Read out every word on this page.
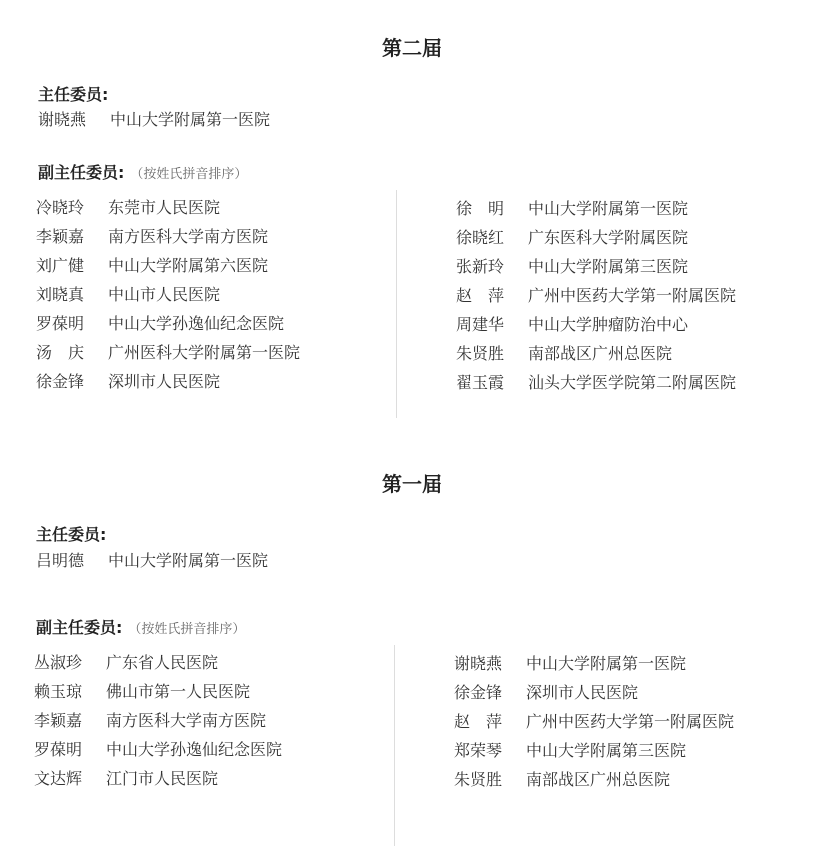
第二届
主任委员:
谢晓燕 中山大学附属第一医院
副主任委员: （按姓氏拼音排序）
冷晓玲 东莞市人民医院
李颖嘉 南方医科大学南方医院
刘广健 中山大学附属第六医院
刘晓真 中山市人民医院
罗葆明 中山大学孙逸仙纪念医院
汤　庆 广州医科大学附属第一医院
徐金锋 深圳市人民医院
徐　明 中山大学附属第一医院
徐晓红 广东医科大学附属医院
张新玲 中山大学附属第三医院
赵　萍 广州中医药大学第一附属医院
周建华 中山大学肿瘤防治中心
朱贤胜 南部战区广州总医院
翟玉霞 汕头大学医学院第二附属医院
第一届
主任委员:
吕明德 中山大学附属第一医院
副主任委员: （按姓氏拼音排序）
丛淑珍 广东省人民医院
赖玉琼 佛山市第一人民医院
李颖嘉 南方医科大学南方医院
罗葆明 中山大学孙逸仙纪念医院
文达辉 江门市人民医院
谢晓燕 中山大学附属第一医院
徐金锋 深圳市人民医院
赵　萍 广州中医药大学第一附属医院
郑荣琴 中山大学附属第三医院
朱贤胜 南部战区广州总医院
